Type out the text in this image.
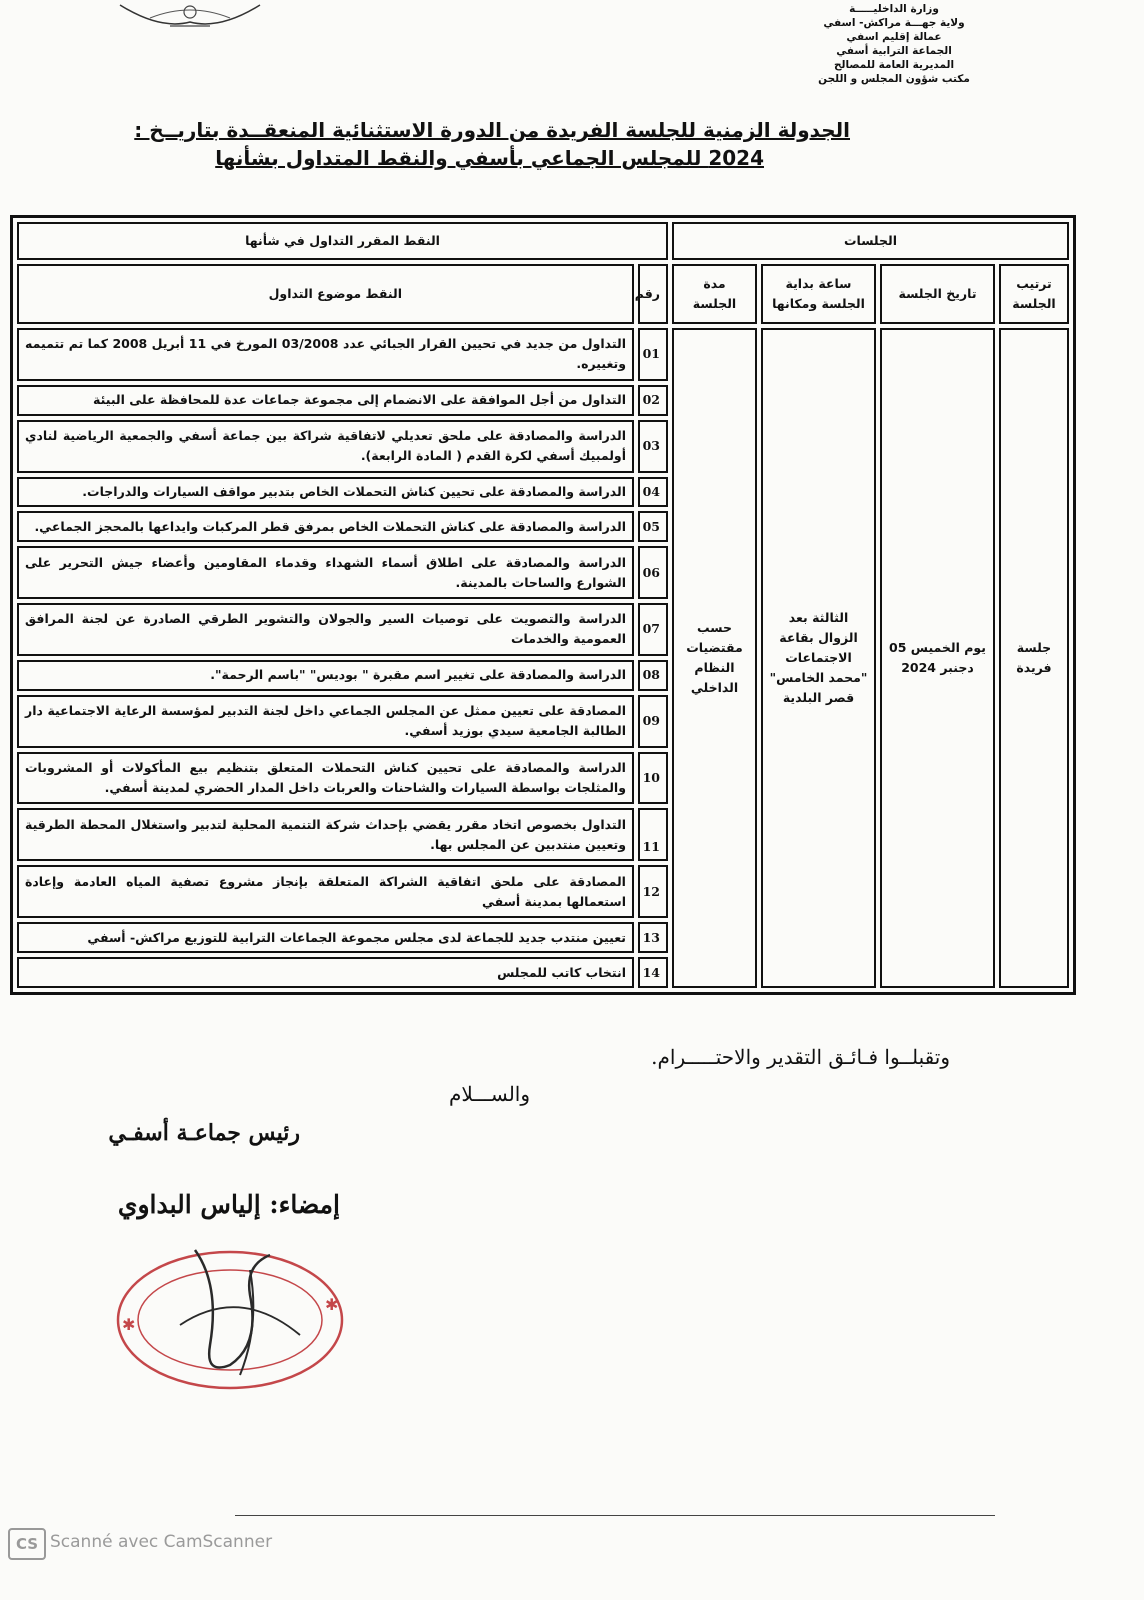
وزارة الداخليـــــة
ولاية جهـــة مراكش- اسفي
عمالة إقليم اسفي
الجماعة الترابية أسفي
المديرية العامة للمصالح
مكتب شؤون المجلس و اللجن
الجدولة الزمنية للجلسة الفريدة من الدورة الاستثنائية المنعقــدة بتاريــخ :
2024 للمجلس الجماعي بأسفي والنقط المتداول بشأنها
الجلسات				النقط المقرر التداول في شأنها	
ترتيب الجلسة	تاريخ الجلسة	ساعة بداية الجلسة ومكانها	مدة الجلسة	رقم	النقط موضوع التداول
جلسة فريدة	يوم الخميس 05 دجنبر 2024	الثالثة بعد الزوال بقاعة الاجتماعات "محمد الخامس" قصر البلدية	حسب مقتضيات النظام الداخلي	01	التداول من جديد في تحيين القرار الجبائي عدد 03/2008 المورخ في 11 أبريل 2008 كما تم تتميمه وتغييره.
				02	التداول من أجل الموافقة على الانضمام إلى مجموعة جماعات عدة للمحافظة على البيئة
				03	الدراسة والمصادقة على ملحق تعديلي لاتفاقية شراكة بين جماعة أسفي والجمعية الرياضية لنادي أولمبيك أسفي لكرة القدم ( المادة الرابعة).
				04	الدراسة والمصادقة على تحيين كناش التحملات الخاص بتدبير مواقف السيارات والدراجات.
				05	الدراسة والمصادقة على كناش التحملات الخاص بمرفق قطر المركبات وايداعها بالمحجز الجماعي.
				06	الدراسة والمصادقة على اطلاق أسماء الشهداء وقدماء المقاومين وأعضاء جيش التحرير على الشوارع والساحات بالمدينة.
				07	الدراسة والتصويت على توصيات السير والجولان والتشوير الطرقي الصادرة عن لجنة المرافق العمومية والخدمات
				08	الدراسة والمصادقة على تغيير اسم مقبرة " بوديس" "باسم الرحمة".
				09	المصادقة على تعيين ممثل عن المجلس الجماعي داخل لجنة التدبير لمؤسسة الرعاية الاجتماعية دار الطالبة الجامعية سيدي بوزيد أسفي.
				10	الدراسة والمصادقة على تحيين كناش التحملات المتعلق بتنظيم بيع المأكولات أو المشروبات والمثلجات بواسطة السيارات والشاحنات والعربات داخل المدار الحضري لمدينة أسفي.
				11	التداول بخصوص اتخاد مقرر يقضي بإحداث شركة التنمية المحلية لتدبير واستغلال المحطة الطرقية وتعيين منتدبين عن المجلس بها.
				12	المصادقة على ملحق اتفاقية الشراكة المتعلقة بإنجاز مشروع تصفية المياه العادمة وإعادة استعمالها بمدينة أسفي
				13	تعيين منتدب جديد للجماعة لدى مجلس مجموعة الجماعات الترابية للتوزيع مراكش- أسفي
				14	انتخاب كاتب للمجلس
وتقبلــوا فـائـق التقدير والاحتـــــرام.
والســـلام
رئيس جماعـة أسفـي
إمضاء: إلياس البداوي
✱
✱
CS Scanné avec CamScanner
